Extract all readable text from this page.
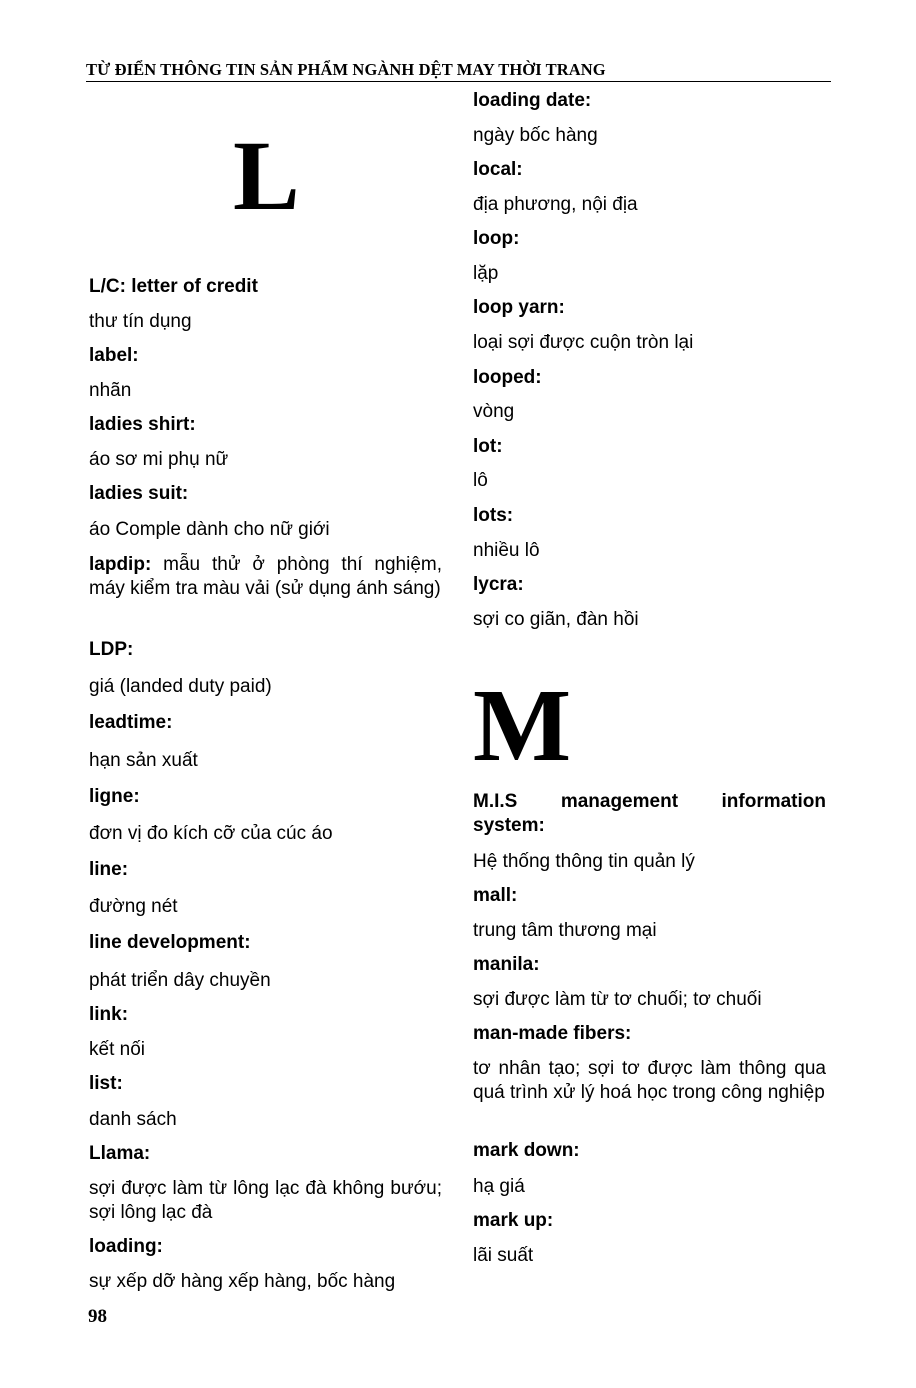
TỪ ĐIỂN THÔNG TIN SẢN PHẨM NGÀNH DỆT MAY THỜI TRANG
L
L/C: letter of credit
thư tín dụng
label:
nhãn
ladies shirt:
áo sơ mi phụ nữ
ladies suit:
áo Comple dành cho nữ giới
lapdip: mẫu thử ở phòng thí nghiệm, máy kiểm tra màu vải (sử dụng ánh sáng)
LDP:
giá (landed duty paid)
leadtime:
hạn sản xuất
ligne:
đơn vị đo kích cỡ của cúc áo
line:
đường nét
line development:
phát triển dây chuyền
link:
kết nối
list:
danh sách
Llama:
sợi được làm từ lông lạc đà không bướu; sợi lông lạc đà
loading:
sự xếp dỡ hàng xếp hàng, bốc hàng
loading date:
ngày bốc hàng
local:
địa phương, nội địa
loop:
lặp
loop yarn:
loại sợi được cuộn tròn lại
looped:
vòng
lot:
lô
lots:
nhiều lô
lycra:
sợi co giãn, đàn hồi
M
M.I.S management information system:
Hệ thống thông tin quản lý
mall:
trung tâm thương mại
manila:
sợi được làm từ tơ chuối; tơ chuối
man-made fibers:
tơ nhân tạo; sợi tơ được làm thông qua quá trình xử lý hoá học trong công nghiệp
mark down:
hạ giá
mark up:
lãi suất
98
